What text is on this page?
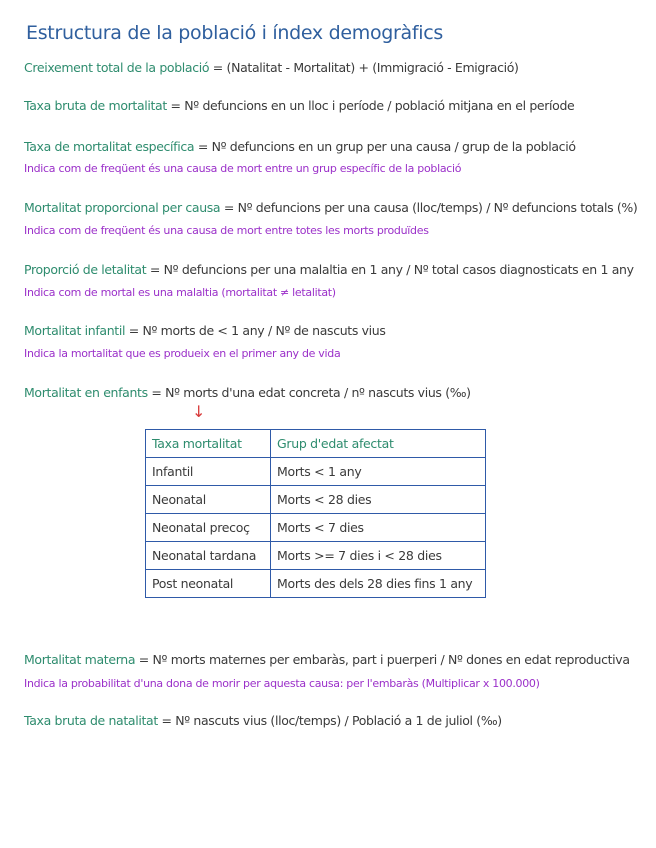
Estructura de la població i índex demogràfics
Creixement total de la població = (Natalitat - Mortalitat) + (Immigració - Emigració)
Taxa bruta de mortalitat = Nº defuncions en un lloc i període / població mitjana en el període
Taxa de mortalitat específica = Nº defuncions en un grup per una causa / grup de la població
Indica com de freqüent és una causa de mort entre un grup específic de la població
Mortalitat proporcional per causa = Nº defuncions per una causa (lloc/temps) / Nº defuncions totals (%)
Indica com de freqüent és una causa de mort entre totes les morts produïdes
Proporció de letalitat = Nº defuncions per una malaltia en 1 any / Nº total casos diagnosticats en 1 any
Indica com de mortal es una malaltia (mortalitat ≠ letalitat)
Mortalitat infantil = Nº morts de < 1 any / Nº de nascuts vius
Indica la mortalitat que es produeix en el primer any de vida
Mortalitat en enfants = Nº morts d'una edat concreta / nº nascuts vius (‰)
↓
Taxa mortalitat	Grup d'edat afectat
Infantil	Morts < 1 any
Neonatal	Morts < 28 dies
Neonatal precoç	Morts < 7 dies
Neonatal tardana	Morts >= 7 dies i < 28 dies
Post neonatal	Morts des dels 28 dies fins 1 any
Mortalitat materna = Nº morts maternes per embaràs, part i puerperi / Nº dones en edat reproductiva
Indica la probabilitat d'una dona de morir per aquesta causa: per l'embaràs (Multiplicar x 100.000)
Taxa bruta de natalitat = Nº nascuts vius (lloc/temps) / Població a 1 de juliol (‰)
